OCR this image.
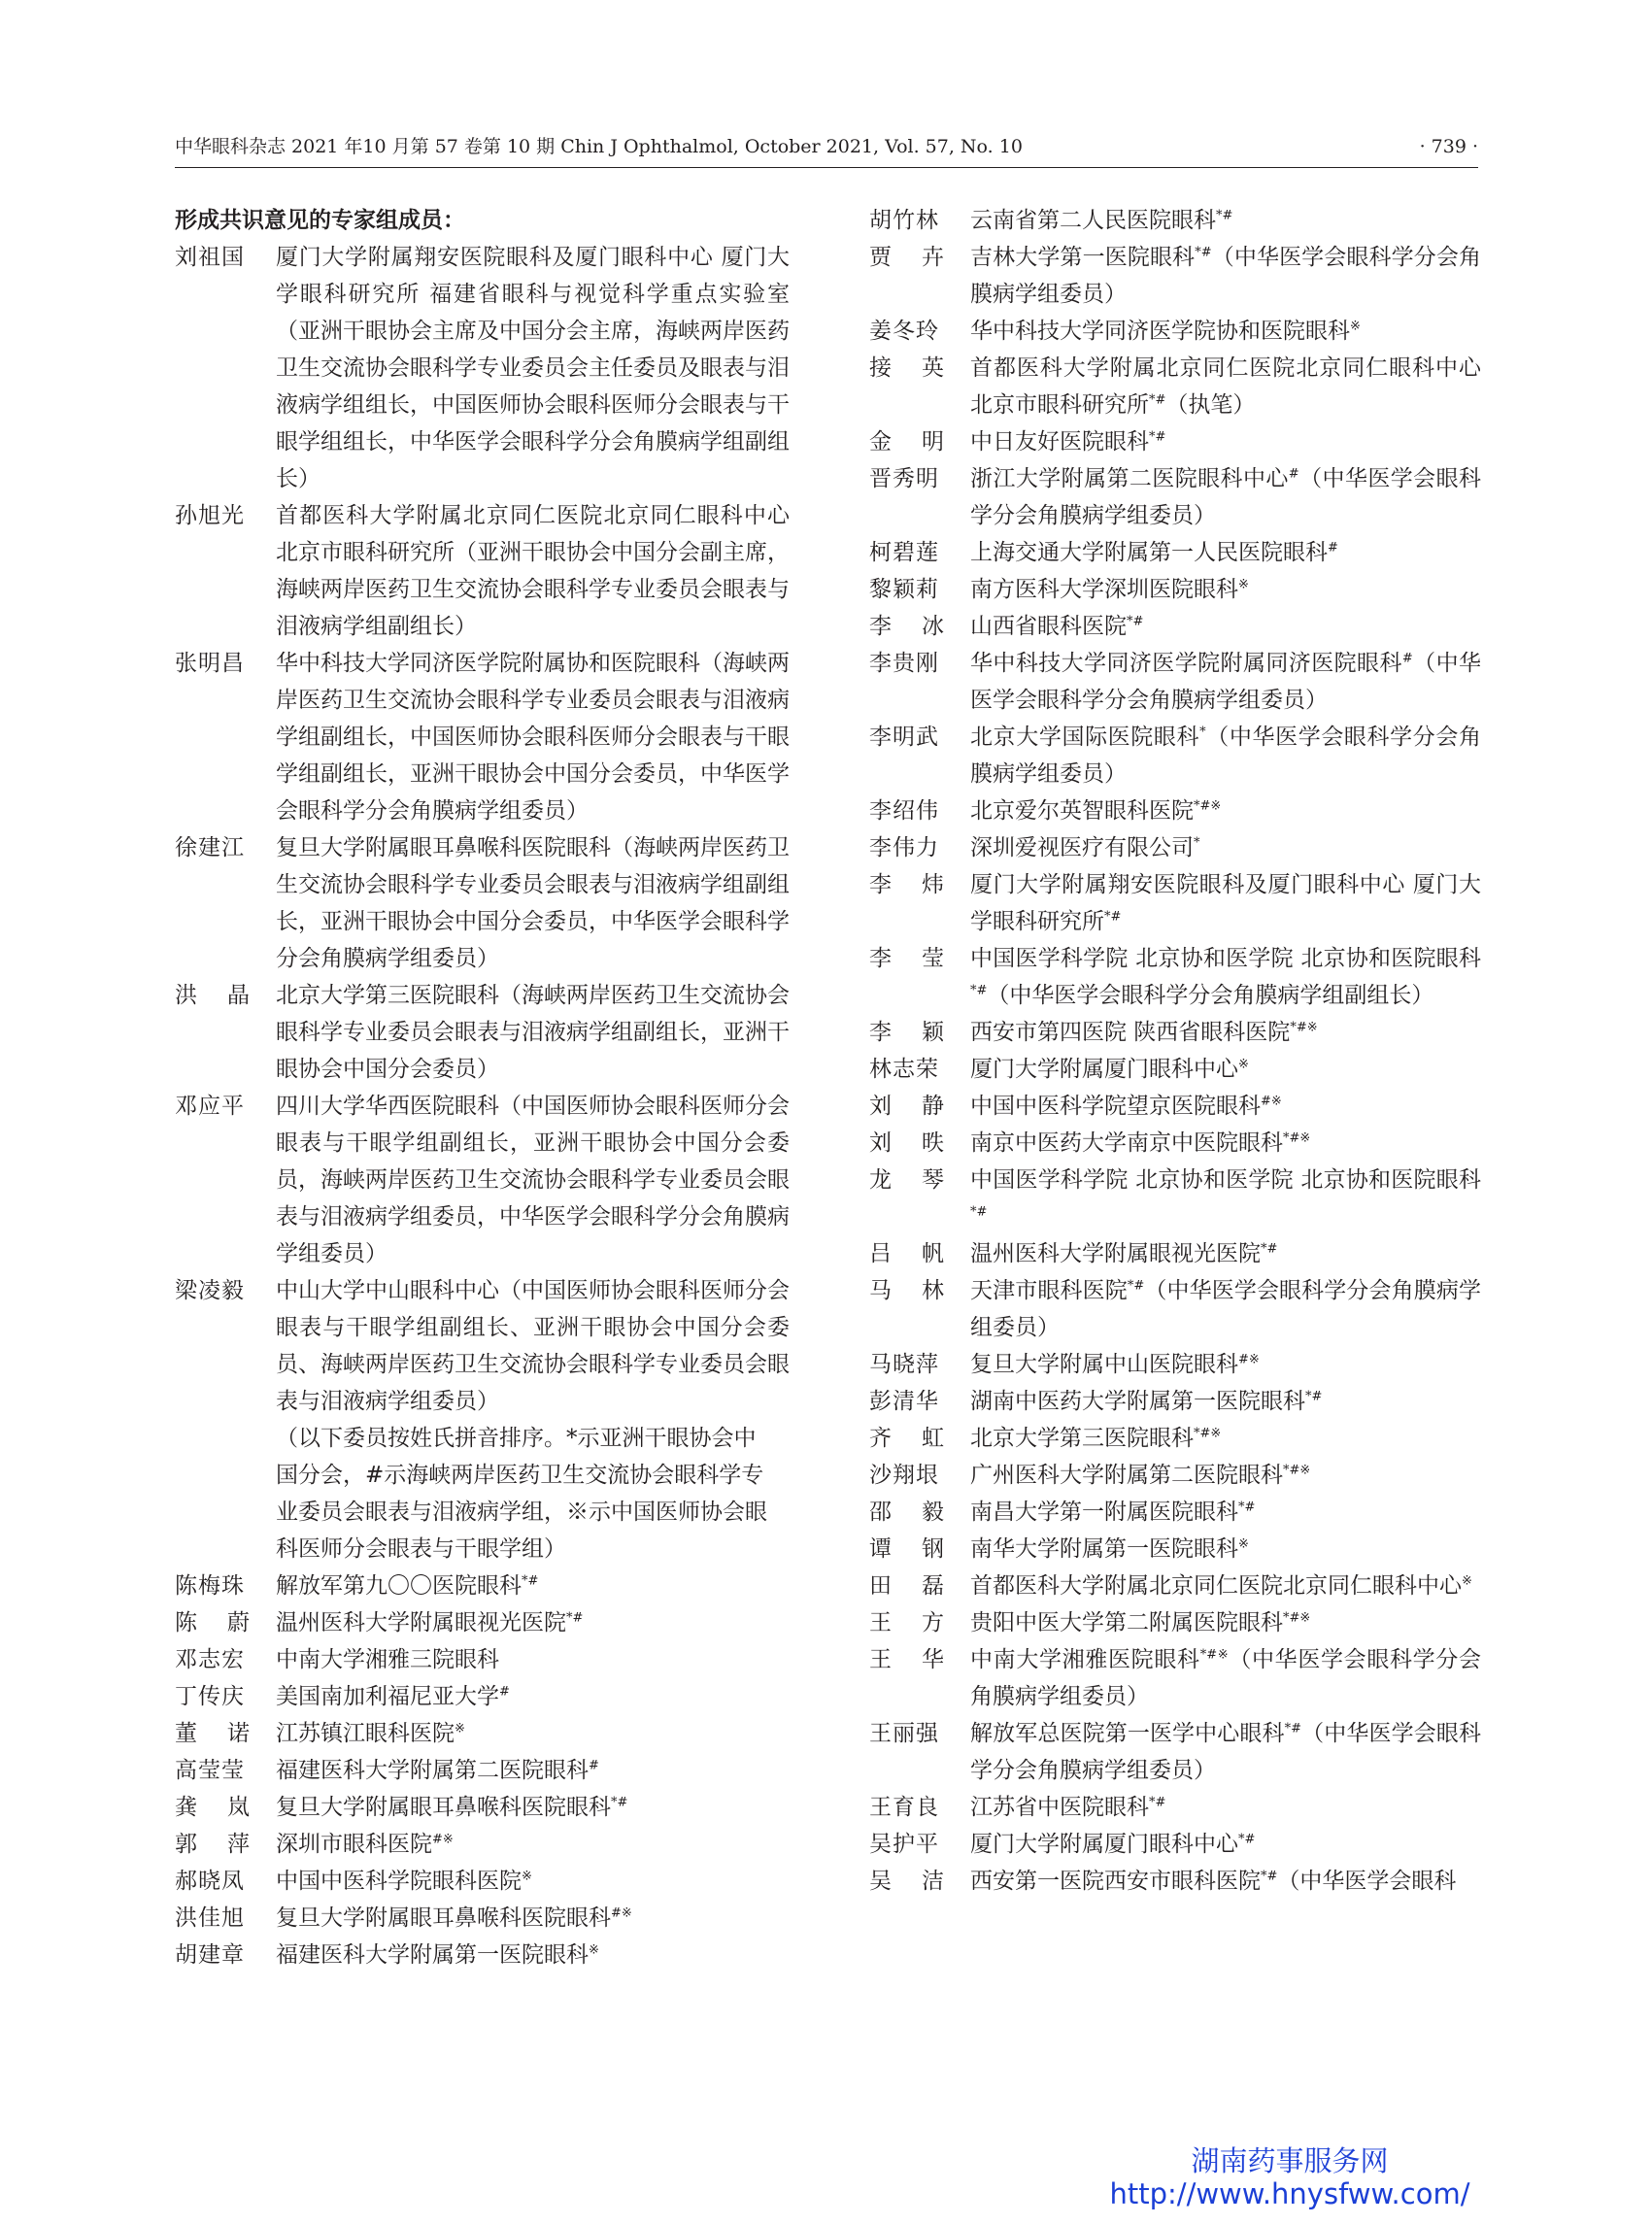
中华眼科杂志 2021 年10 月第 57 卷第 10 期 Chin J Ophthalmol, October 2021, Vol. 57, No. 10	· 739 ·
形成共识意见的专家组成员：
刘祖国	厦门大学附属翔安医院眼科及厦门眼科中心 厦门大学眼科研究所 福建省眼科与视觉科学重点实验室（亚洲干眼协会主席及中国分会主席，海峡两岸医药卫生交流协会眼科学专业委员会主任委员及眼表与泪液病学组组长，中国医师协会眼科医师分会眼表与干眼学组组长，中华医学会眼科学分会角膜病学组副组长）
孙旭光	首都医科大学附属北京同仁医院北京同仁眼科中心 北京市眼科研究所（亚洲干眼协会中国分会副主席，海峡两岸医药卫生交流协会眼科学专业委员会眼表与泪液病学组副组长）
张明昌	华中科技大学同济医学院附属协和医院眼科（海峡两岸医药卫生交流协会眼科学专业委员会眼表与泪液病学组副组长，中国医师协会眼科医师分会眼表与干眼学组副组长，亚洲干眼协会中国分会委员，中华医学会眼科学分会角膜病学组委员）
徐建江	复旦大学附属眼耳鼻喉科医院眼科（海峡两岸医药卫生交流协会眼科学专业委员会眼表与泪液病学组副组长，亚洲干眼协会中国分会委员，中华医学会眼科学分会角膜病学组委员）
洪晶 北京大学第三医院眼科（海峡两岸医药卫生交流协会眼科学专业委员会眼表与泪液病学组副组长，亚洲干眼协会中国分会委员）
邓应平	四川大学华西医院眼科（中国医师协会眼科医师分会眼表与干眼学组副组长，亚洲干眼协会中国分会委员，海峡两岸医药卫生交流协会眼科学专业委员会眼表与泪液病学组委员，中华医学会眼科学分会角膜病学组委员）
梁凌毅	中山大学中山眼科中心（中国医师协会眼科医师分会眼表与干眼学组副组长、亚洲干眼协会中国分会委员、海峡两岸医药卫生交流协会眼科学专业委员会眼表与泪液病学组委员）
（以下委员按姓氏拼音排序。*示亚洲干眼协会中
国分会，#示海峡两岸医药卫生交流协会眼科学专
业委员会眼表与泪液病学组，※示中国医师协会眼
科医师分会眼表与干眼学组）
陈梅珠	解放军第九〇〇医院眼科*#
陈蔚 温州医科大学附属眼视光医院*#
邓志宏	中南大学湘雅三院眼科
丁传庆	美国南加利福尼亚大学#
董诺 江苏镇江眼科医院※
高莹莹	福建医科大学附属第二医院眼科#
龚岚 复旦大学附属眼耳鼻喉科医院眼科*#
郭萍 深圳市眼科医院#※
郝晓凤	中国中医科学院眼科医院※
洪佳旭	复旦大学附属眼耳鼻喉科医院眼科#※
胡建章	福建医科大学附属第一医院眼科※
胡竹林	云南省第二人民医院眼科*#
贾卉 吉林大学第一医院眼科*#（中华医学会眼科学分会角膜病学组委员）
姜冬玲	华中科技大学同济医学院协和医院眼科※
接英 首都医科大学附属北京同仁医院北京同仁眼科中心 北京市眼科研究所*#（执笔）
金明 中日友好医院眼科*#
晋秀明	浙江大学附属第二医院眼科中心#（中华医学会眼科学分会角膜病学组委员）
柯碧莲	上海交通大学附属第一人民医院眼科#
黎颖莉	南方医科大学深圳医院眼科※
李冰 山西省眼科医院*#
李贵刚	华中科技大学同济医学院附属同济医院眼科#（中华医学会眼科学分会角膜病学组委员）
李明武	北京大学国际医院眼科*（中华医学会眼科学分会角膜病学组委员）
李绍伟	北京爱尔英智眼科医院*#※
李伟力	深圳爱视医疗有限公司*
李炜 厦门大学附属翔安医院眼科及厦门眼科中心 厦门大学眼科研究所*#
李莹 中国医学科学院 北京协和医学院 北京协和医院眼科*#（中华医学会眼科学分会角膜病学组副组长）
李颖 西安市第四医院 陕西省眼科医院*#※
林志荣	厦门大学附属厦门眼科中心※
刘静 中国中医科学院望京医院眼科#※
刘昳 南京中医药大学南京中医院眼科*#※
龙琴 中国医学科学院 北京协和医学院 北京协和医院眼科*#
吕帆 温州医科大学附属眼视光医院*#
马林 天津市眼科医院*#（中华医学会眼科学分会角膜病学组委员）
马晓萍	复旦大学附属中山医院眼科#※
彭清华	湖南中医药大学附属第一医院眼科*#
齐虹 北京大学第三医院眼科*#※
沙翔垠	广州医科大学附属第二医院眼科*#※
邵毅 南昌大学第一附属医院眼科*#
谭钢 南华大学附属第一医院眼科※
田磊 首都医科大学附属北京同仁医院北京同仁眼科中心※
王方 贵阳中医大学第二附属医院眼科*#※
王华 中南大学湘雅医院眼科*#※（中华医学会眼科学分会角膜病学组委员）
王丽强	解放军总医院第一医学中心眼科*#（中华医学会眼科学分会角膜病学组委员）
王育良	江苏省中医院眼科*#
吴护平	厦门大学附属厦门眼科中心*#
吴洁 西安第一医院西安市眼科医院*#（中华医学会眼科
湖南药事服务网
http://www.hnysfww.com/
